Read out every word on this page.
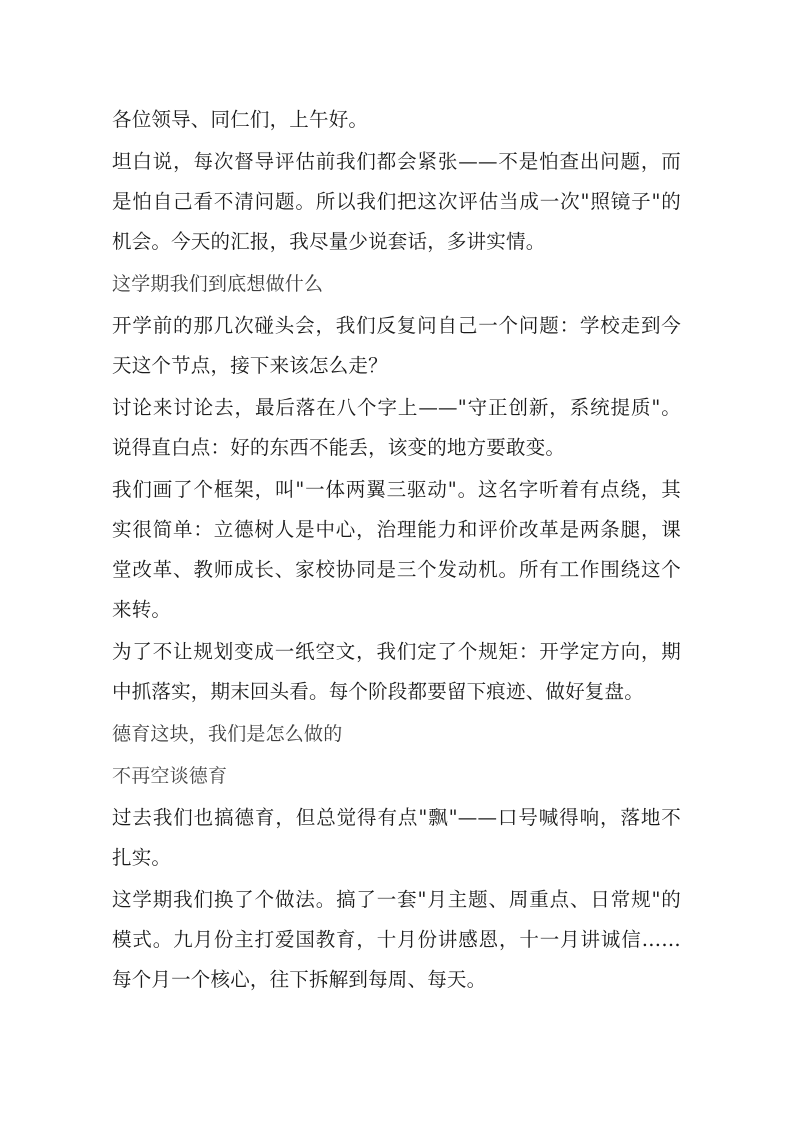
各位领导、同仁们，上午好。

坦白说，每次督导评估前我们都会紧张——不是怕查出问题，而是怕自己看不清问题。所以我们把这次评估当成一次"照镜子"的机会。今天的汇报，我尽量少说套话，多讲实情。

这学期我们到底想做什么

开学前的那几次碰头会，我们反复问自己一个问题：学校走到今天这个节点，接下来该怎么走？

讨论来讨论去，最后落在八个字上——"守正创新，系统提质"。说得直白点：好的东西不能丢，该变的地方要敢变。

我们画了个框架，叫"一体两翼三驱动"。这名字听着有点绕，其实很简单：立德树人是中心，治理能力和评价改革是两条腿，课堂改革、教师成长、家校协同是三个发动机。所有工作围绕这个来转。

为了不让规划变成一纸空文，我们定了个规矩：开学定方向，期中抓落实，期末回头看。每个阶段都要留下痕迹、做好复盘。

德育这块，我们是怎么做的

不再空谈德育

过去我们也搞德育，但总觉得有点"飘"——口号喊得响，落地不扎实。

这学期我们换了个做法。搞了一套"月主题、周重点、日常规"的模式。九月份主打爱国教育，十月份讲感恩，十一月讲诚信……每个月一个核心，往下拆解到每周、每天。
